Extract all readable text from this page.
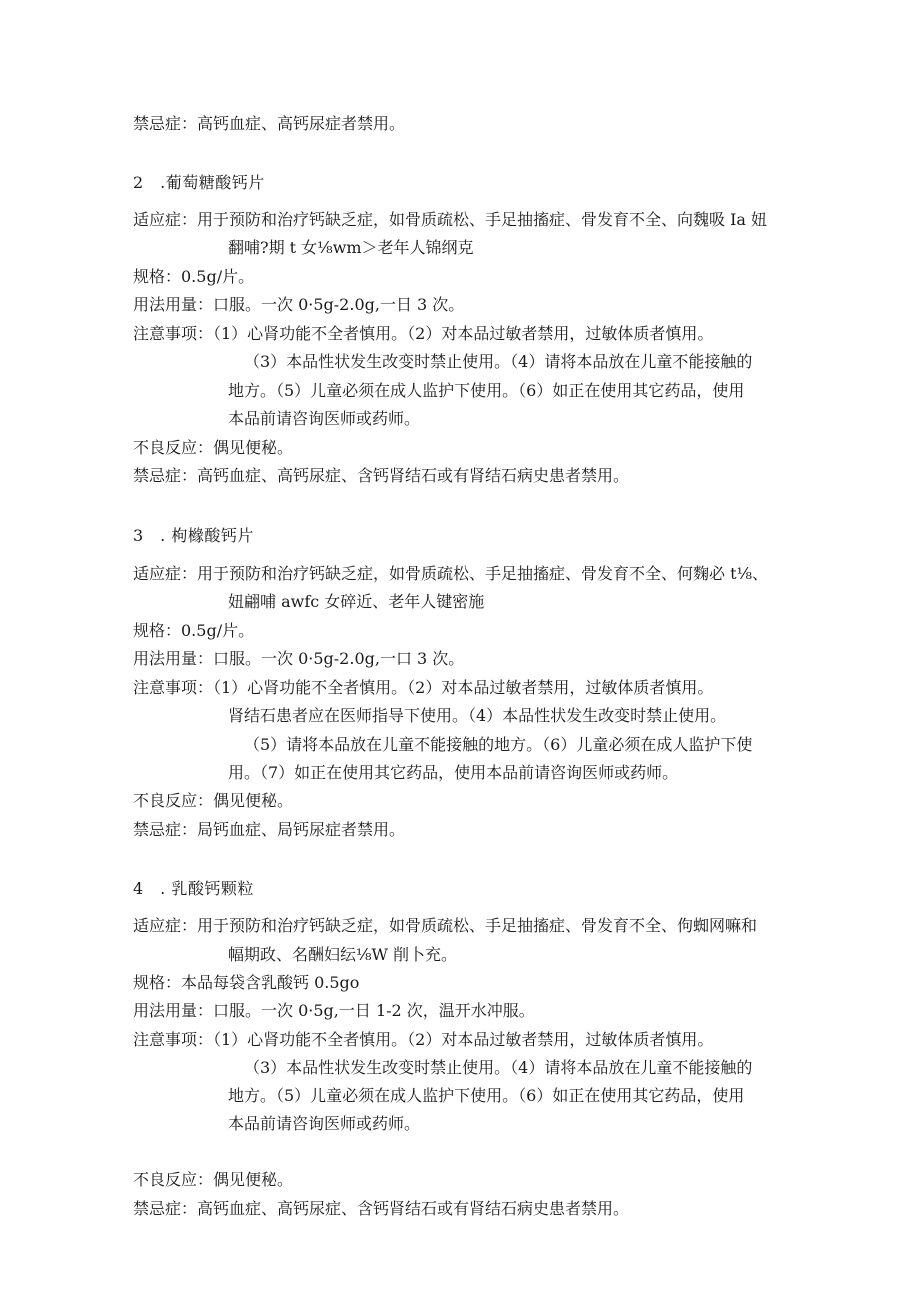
禁忌症：高钙血症、高钙尿症者禁用。
2　.葡萄糖酸钙片
适应症：用于预防和治疗钙缺乏症，如骨质疏松、手足抽搐症、骨发育不全、向魏吸 Ia 妞
翻哺?期 t 女⅛wm＞老年人锦纲克
规格：0.5g/片。
用法用量：口服。一次 0·5g-2.0g,一日 3 次。
注意事项：（1）心肾功能不全者慎用。（2）对本品过敏者禁用，过敏体质者慎用。
（3）本品性状发生改变时禁止使用。（4）请将本品放在儿童不能接触的
地方。（5）儿童必须在成人监护下使用。（6）如正在使用其它药品，使用
本品前请咨询医师或药师。
不良反应：偶见便秘。
禁忌症：高钙血症、高钙尿症、含钙肾结石或有肾结石病史患者禁用。
3　. 枸橼酸钙片
适应症：用于预防和治疗钙缺乏症，如骨质疏松、手足抽搐症、骨发育不全、何麴必 t⅛、
妞翩哺 awfc 女碎近、老年人键密施
规格：0.5g/片。
用法用量：口服。一次 0·5g-2.0g,一口 3 次。
注意事项：（1）心肾功能不全者慎用。（2）对本品过敏者禁用，过敏体质者慎用。
肾结石患者应在医师指导下使用。（4）本品性状发生改变时禁止使用。
（5）请将本品放在儿童不能接触的地方。（6）儿童必须在成人监护下使
用。（7）如正在使用其它药品，使用本品前请咨询医师或药师。
不良反应：偶见便秘。
禁忌症：局钙血症、局钙尿症者禁用。
4　. 乳酸钙颗粒
适应症：用于预防和治疗钙缺乏症，如骨质疏松、手足抽搐症、骨发育不全、佝蜘网嘛和
幅期政、名酬妇纭⅛W 削卜充。
规格：本品每袋含乳酸钙 0.5go
用法用量：口服。一次 0·5g,一日 1-2 次，温开水冲服。
注意事项：（1）心肾功能不全者慎用。（2）对本品过敏者禁用，过敏体质者慎用。
（3）本品性状发生改变时禁止使用。（4）请将本品放在儿童不能接触的
地方。（5）儿童必须在成人监护下使用。（6）如正在使用其它药品，使用
本品前请咨询医师或药师。
不良反应：偶见便秘。
禁忌症：高钙血症、高钙尿症、含钙肾结石或有肾结石病史患者禁用。
